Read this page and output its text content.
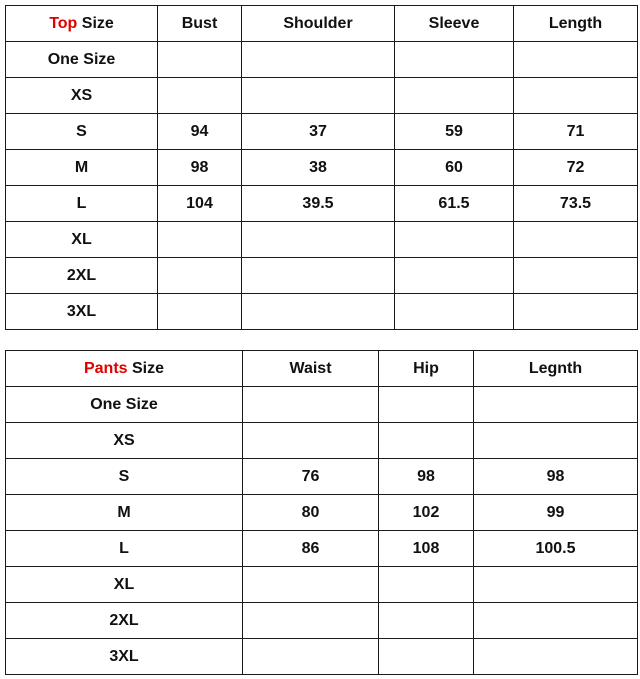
Top Size	Bust	Shoulder	Sleeve	Length
One Size				
XS				
S	94	37	59	71
M	98	38	60	72
L	104	39.5	61.5	73.5
XL				
2XL				
3XL				
Pants Size	Waist	Hip	Legnth
One Size			
XS			
S	76	98	98
M	80	102	99
L	86	108	100.5
XL			
2XL			
3XL			
